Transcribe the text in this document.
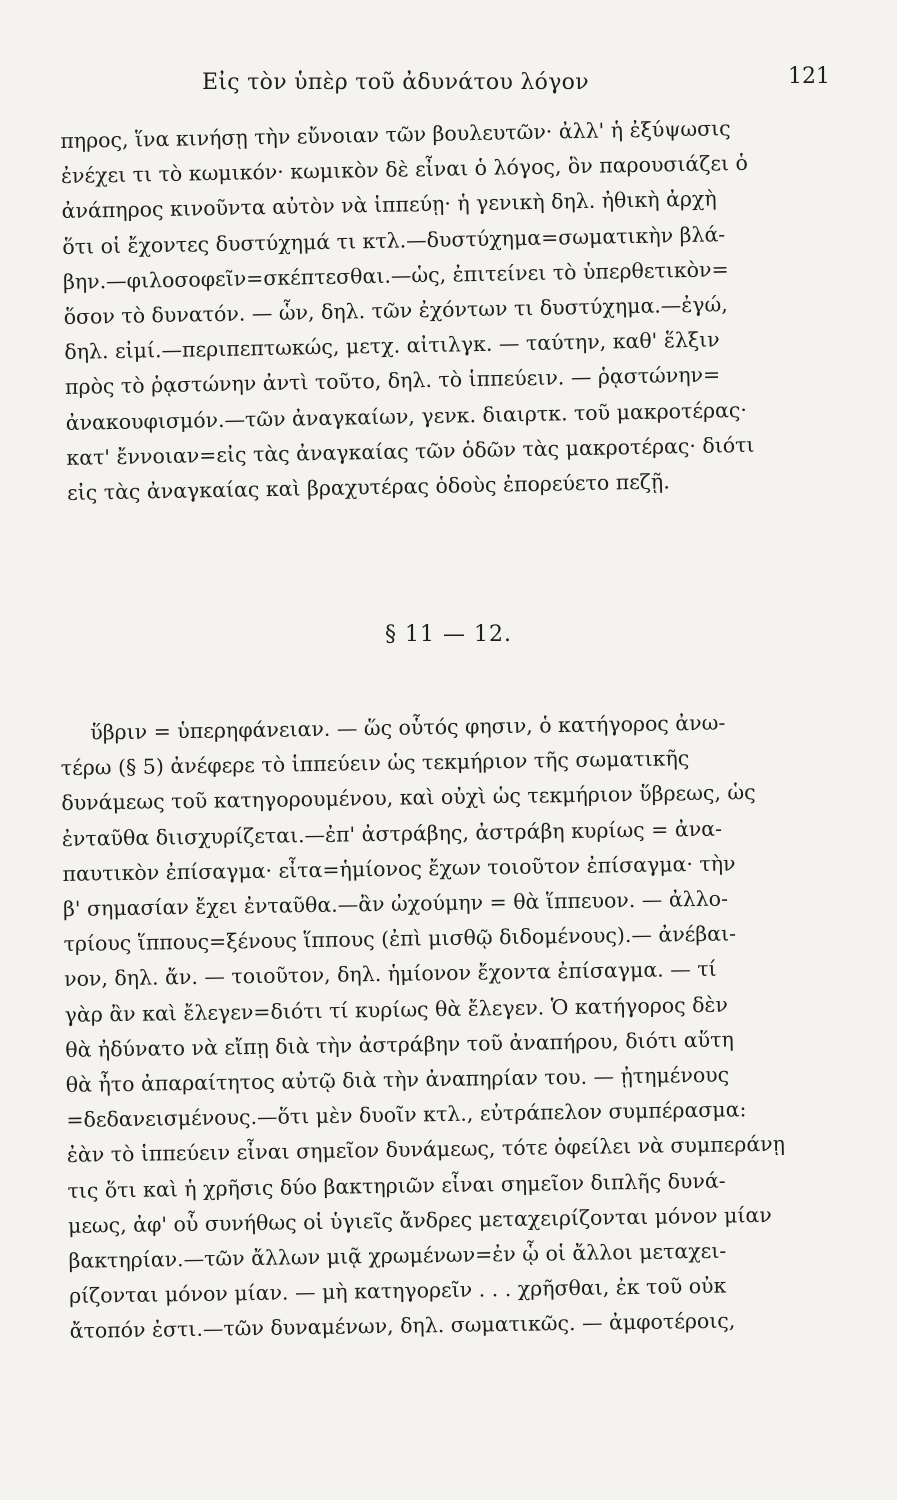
Εἰς τὸν ὑπὲρ τοῦ ἀδυνάτου λόγον	121
πηρος, ἵνα κινήσῃ τὴν εὔνοιαν τῶν βουλευτῶν· ἀλλ' ἡ ἐξύψωσις
ἐνέχει τι τὸ κωμικόν· κωμικὸν δὲ εἶναι ὁ λόγος, ὃν παρουσιάζει ὁ
ἀνάπηρος κινοῦντα αὐτὸν νὰ ἱππεύῃ· ἡ γενικὴ δηλ. ἠθικὴ ἀρχὴ
ὅτι οἱ ἔχοντες δυστύχημά τι κτλ.—δυστύχημα=σωματικὴν βλά-
βην.—φιλοσοφεῖν=σκέπτεσθαι.—ὡς, ἐπιτείνει τὸ ὑπερθετικὸν=
ὅσον τὸ δυνατόν. — ὧν, δηλ. τῶν ἐχόντων τι δυστύχημα.—ἐγώ,
δηλ. εἰμί.—περιπεπτωκώς, μετχ. αἰτιλγκ. — ταύτην, καθ' ἕλξιν
πρὸς τὸ ῥᾳστώνην ἀντὶ τοῦτο, δηλ. τὸ ἱππεύειν. — ῥᾳστώνην=
ἀνακουφισμόν.—τῶν ἀναγκαίων, γενκ. διαιρτκ. τοῦ μακροτέρας·
κατ' ἔννοιαν=εἰς τὰς ἀναγκαίας τῶν ὁδῶν τὰς μακροτέρας· διότι
εἰς τὰς ἀναγκαίας καὶ βραχυτέρας ὁδοὺς ἐπορεύετο πεζῇ.
§ 11 — 12.
ὕβριν = ὑπερηφάνειαν. — ὥς οὗτός φησιν, ὁ κατήγορος ἀνω-
τέρω (§ 5) ἀνέφερε τὸ ἱππεύειν ὡς τεκμήριον τῆς σωματικῆς
δυνάμεως τοῦ κατηγορουμένου, καὶ οὐχὶ ὡς τεκμήριον ὕβρεως, ὡς
ἐνταῦθα διισχυρίζεται.—ἐπ' ἀστράβης, ἀστράβη κυρίως = ἀνα-
παυτικὸν ἐπίσαγμα· εἶτα=ἡμίονος ἔχων τοιοῦτον ἐπίσαγμα· τὴν
β' σημασίαν ἔχει ἐνταῦθα.—ἂν ὠχούμην = θὰ ἵππευον. — ἀλλο-
τρίους ἵππους=ξένους ἵππους (ἐπὶ μισθῷ διδομένους).— ἀνέβαι-
νον, δηλ. ἄν. — τοιοῦτον, δηλ. ἡμίονον ἔχοντα ἐπίσαγμα. — τί
γὰρ ἂν καὶ ἔλεγεν=διότι τί κυρίως θὰ ἔλεγεν. Ὁ κατήγορος δὲν
θὰ ἠδύνατο νὰ εἴπῃ διὰ τὴν ἀστράβην τοῦ ἀναπήρου, διότι αὕτη
θὰ ἦτο ἀπαραίτητος αὐτῷ διὰ τὴν ἀναπηρίαν του. — ᾐτημένους
=δεδανεισμένους.—ὅτι μὲν δυοῖν κτλ., εὐτράπελον συμπέρασμα:
ἐὰν τὸ ἱππεύειν εἶναι σημεῖον δυνάμεως, τότε ὀφείλει νὰ συμπεράνῃ
τις ὅτι καὶ ἡ χρῆσις δύο βακτηριῶν εἶναι σημεῖον διπλῆς δυνά-
μεως, ἀφ' οὗ συνήθως οἱ ὑγιεῖς ἄνδρες μεταχειρίζονται μόνον μίαν
βακτηρίαν.—τῶν ἄλλων μιᾷ χρωμένων=ἐν ᾧ οἱ ἄλλοι μεταχει-
ρίζονται μόνον μίαν. — μὴ κατηγορεῖν . . . χρῆσθαι, ἐκ τοῦ οὐκ
ἄτοπόν ἐστι.—τῶν δυναμένων, δηλ. σωματικῶς. — ἀμφοτέροις,
